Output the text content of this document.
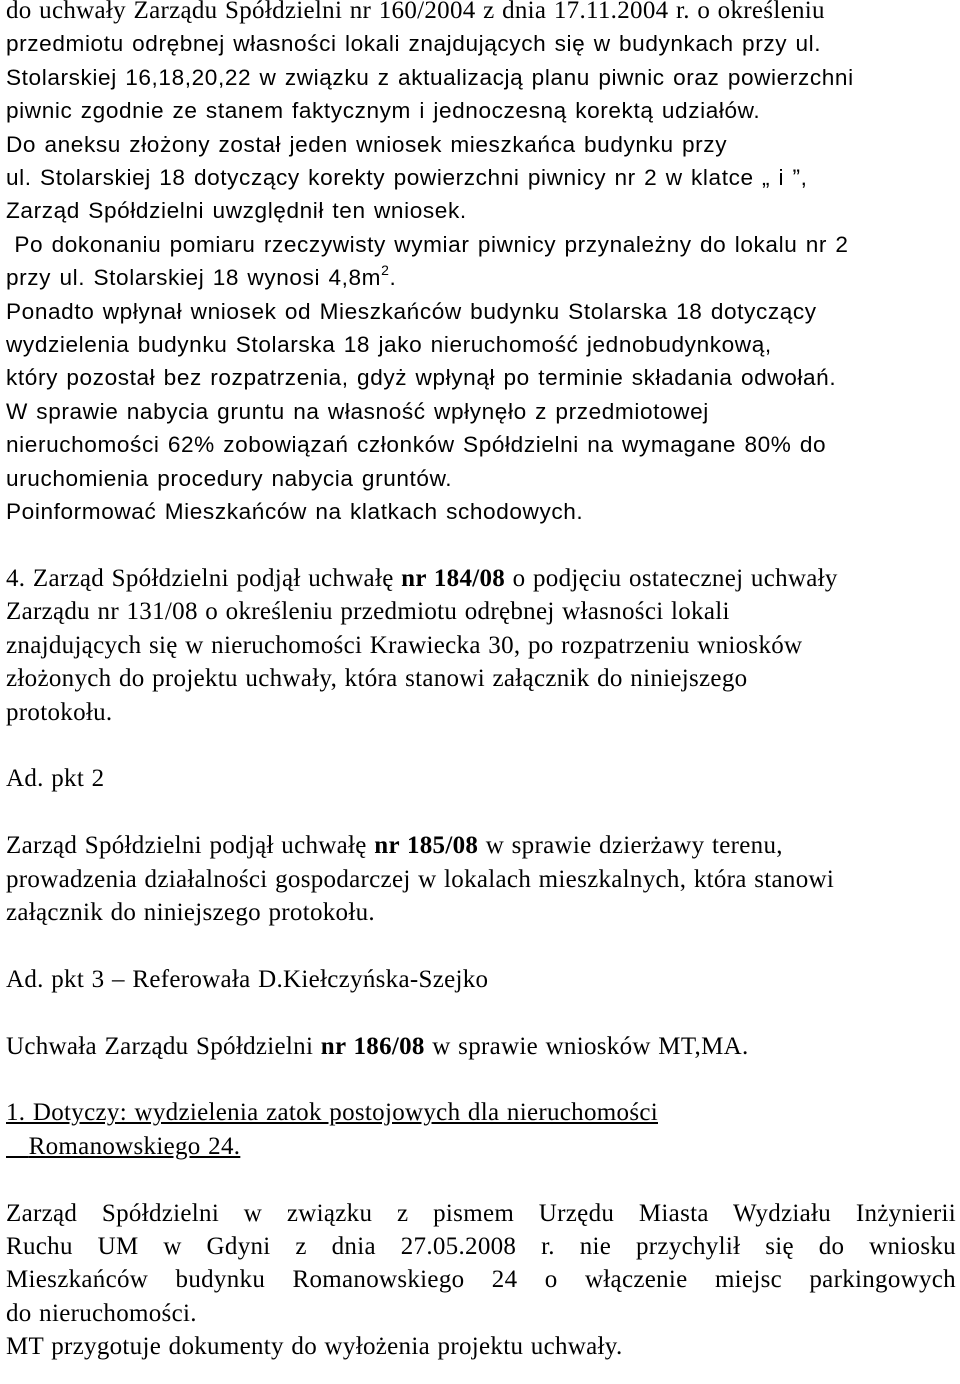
do uchwały Zarządu Spółdzielni nr 160/2004 z dnia 17.11.2004 r. o określeniu
przedmiotu odrębnej własności lokali znajdujących się w budynkach przy ul.
Stolarskiej 16,18,20,22 w związku z aktualizacją planu piwnic oraz powierzchni
piwnic zgodnie ze stanem faktycznym i jednoczesną korektą udziałów.
Do aneksu złożony został jeden wniosek mieszkańca budynku przy
ul. Stolarskiej 18 dotyczący korekty powierzchni piwnicy nr 2 w klatce „ i ”,
Zarząd Spółdzielni uwzględnił ten wniosek.
Po dokonaniu pomiaru rzeczywisty wymiar piwnicy przynależny do lokalu nr 2
przy ul. Stolarskiej 18 wynosi $4,8m^2$.
Ponadto wpłynał wniosek od Mieszkańców budynku Stolarska 18 dotyczący
wydzielenia budynku Stolarska 18 jako nieruchomość jednobudynkową,
który pozostał bez rozpatrzenia, gdyż wpłynął po terminie składania odwołań.
W sprawie nabycia gruntu na własność wpłynęło z przedmiotowej
nieruchomości 62% zobowiązań członków Spółdzielni na wymagane 80% do
uruchomienia procedury nabycia gruntów.
Poinformować Mieszkańców na klatkach schodowych.
4. Zarząd Spółdzielni podjął uchwałę nr 184/08 o podjęciu ostatecznej uchwały
Zarządu nr 131/08 o określeniu przedmiotu odrębnej własności lokali
znajdujących się w nieruchomości Krawiecka 30, po rozpatrzeniu wniosków
złożonych do projektu uchwały, która stanowi załącznik do niniejszego
protokołu.
Ad. pkt 2
Zarząd Spółdzielni podjął uchwałę nr 185/08 w sprawie dzierżawy terenu,
prowadzenia działalności gospodarczej w lokalach mieszkalnych, która stanowi
załącznik do niniejszego protokołu.
Ad. pkt 3 – Referowała D.Kiełczyńska-Szejko
Uchwała Zarządu Spółdzielni nr 186/08 w sprawie wniosków MT,MA.
1. Dotyczy: wydzielenia zatok postojowych dla nieruchomości
Romanowskiego 24.
Zarząd Spółdzielni w związku z pismem Urzędu Miasta Wydziału Inżynierii
Ruchu UM w Gdyni z dnia 27.05.2008 r. nie przychylił się do wniosku
Mieszkańców budynku Romanowskiego 24 o włączenie miejsc parkingowych
do nieruchomości.
MT przygotuje dokumenty do wyłożenia projektu uchwały.
